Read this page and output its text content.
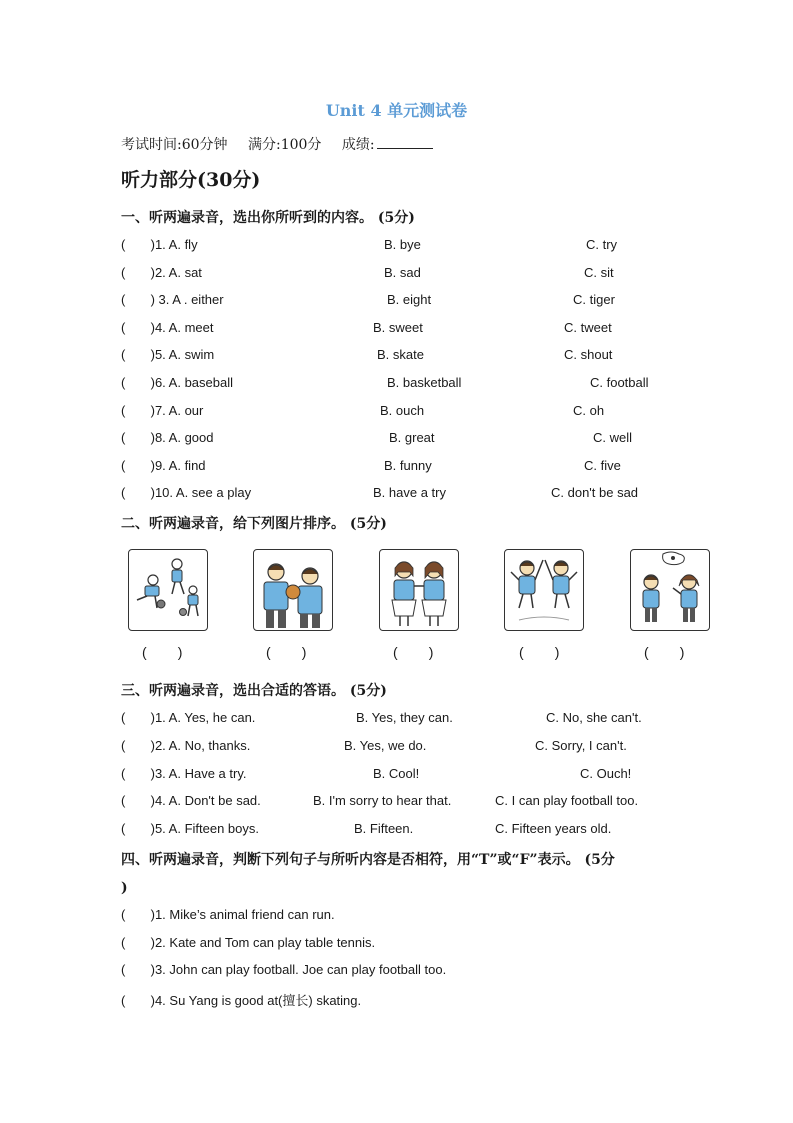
Unit 4 单元测试卷
考试时间:60分钟 满分:100分 成绩:
听力部分(30分)
一、听两遍录音，选出你所听到的内容。 (5分)
(       )1. A. fly	B. bye	C. try
(       )2. A. sat	B. sad	C. sit
(       ) 3. A . either	B. eight	C. tiger
(       )4. A. meet	B. sweet	C. tweet
(       )5. A. swim	B. skate	C. shout
(       )6. A. baseball	B. basketball	C. football
(       )7. A. our	B. ouch	C. oh
(       )8. A. good	B. great	C. well
(       )9. A. find	B. funny	C. five
(       )10. A. see a play	B. have a try	C. don't be sad
二、听两遍录音，给下列图片排序。 (5分)
(        )	(        )	(        )	(        )	(        )
三、听两遍录音，选出合适的答语。 (5分)
(       )1. A. Yes, he can.	B. Yes, they can.	C. No, she can't.
(       )2. A. No, thanks.	B. Yes, we do.	C. Sorry, I can't.
(       )3. A. Have a try.	B. Cool!	C. Ouch!
(       )4. A. Don't be sad.	B. I'm sorry to hear that.	C. I can play football too.
(       )5. A. Fifteen boys.	B. Fifteen.	C. Fifteen years old.
四、听两遍录音，判断下列句子与所听内容是否相符，用“T”或“F”表示。 (5分
)
(       )1. Mike’s animal friend can run.
(       )2. Kate and Tom can play table tennis.
(       )3. John can play football. Joe can play football too.
(       )4. Su Yang is good at(擅长) skating.
